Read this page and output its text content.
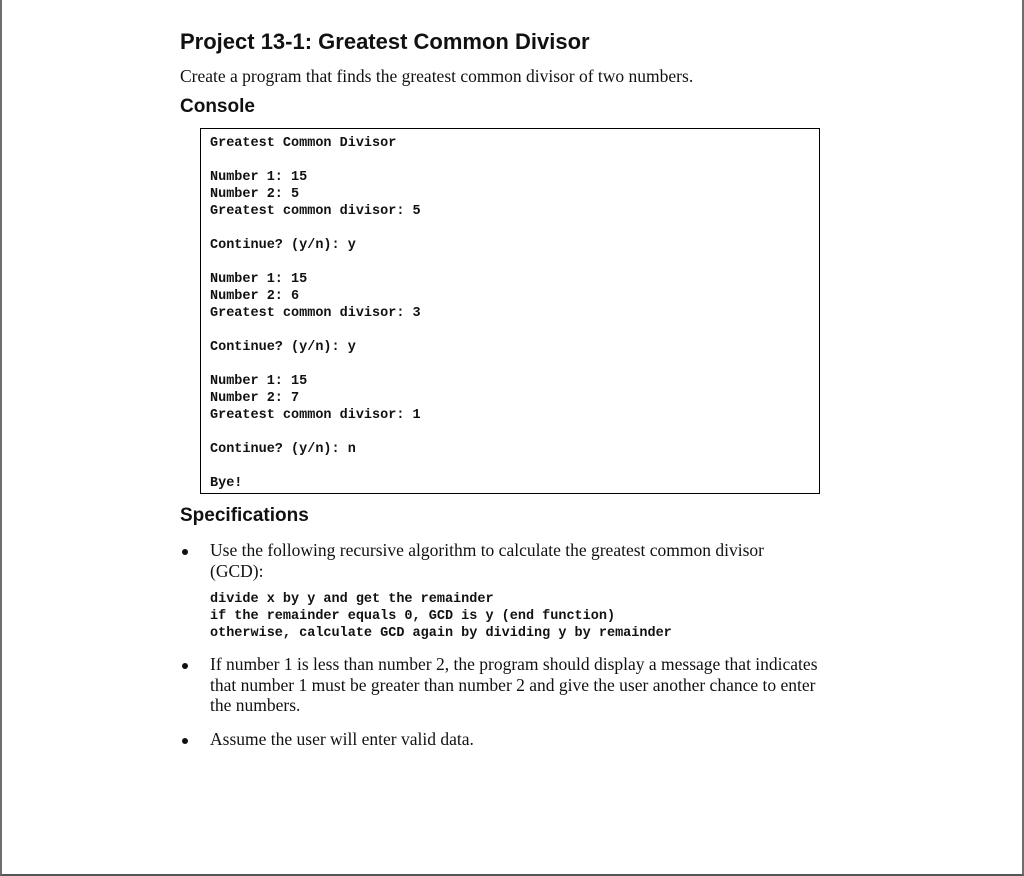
Project 13-1: Greatest Common Divisor

Create a program that finds the greatest common divisor of two numbers.

Console
Greatest Common Divisor

Number 1: 15
Number 2: 5
Greatest common divisor: 5

Continue? (y/n): y

Number 1: 15
Number 2: 6
Greatest common divisor: 3

Continue? (y/n): y

Number 1: 15
Number 2: 7
Greatest common divisor: 1

Continue? (y/n): n

Bye!
Specifications
Use the following recursive algorithm to calculate the greatest common divisor (GCD):
divide x by y and get the remainder
if the remainder equals 0, GCD is y (end function)
otherwise, calculate GCD again by dividing y by remainder
If number 1 is less than number 2, the program should display a message that indicates that number 1 must be greater than number 2 and give the user another chance to enter the numbers.
Assume the user will enter valid data.
